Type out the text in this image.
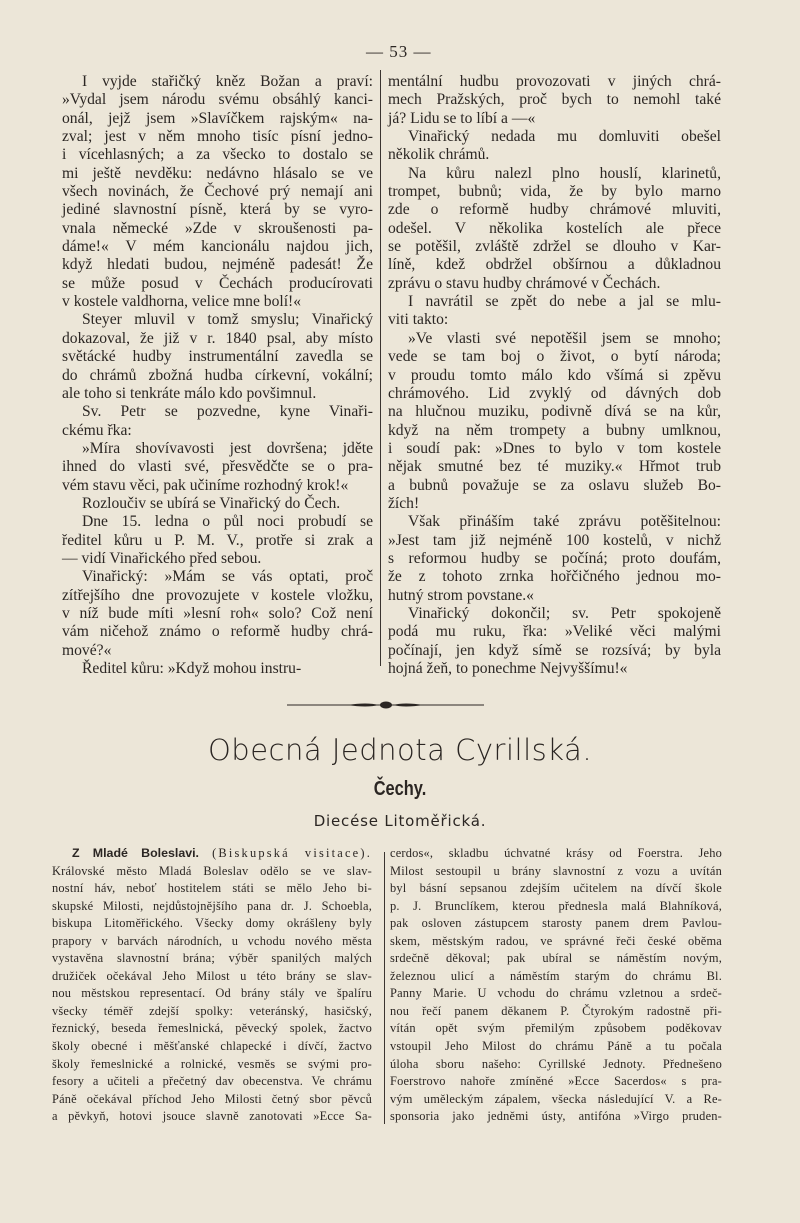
— 53 —
I vyjde stařičký kněz Božan a praví:
»Vydal jsem národu svému obsáhlý kanci-
onál, jejž jsem »Slavíčkem rajským« na-
zval; jest v něm mnoho tisíc písní jedno-
i vícehlasných; a za všecko to dostalo se
mi ještě nevděku: nedávno hlásalo se ve
všech novinách, že Čechové prý nemají ani
jediné slavnostní písně, která by se vyro-
vnala německé »Zde v skroušenosti pa-
dáme!« V mém kancionálu najdou jich,
když hledati budou, nejméně padesát! Že
se může posud v Čechách producírovati
v kostele valdhorna, velice mne bolí!«
Steyer mluvil v tomž smyslu; Vinařický
dokazoval, že již v r. 1840 psal, aby místo
světácké hudby instrumentální zavedla se
do chrámů zbožná hudba církevní, vokální;
ale toho si tenkráte málo kdo povšimnul.
Sv. Petr se pozvedne, kyne Vinaři-
ckému řka:
»Míra shovívavosti jest dovršena; jděte
ihned do vlasti své, přesvědčte se o pra-
vém stavu věci, pak učiníme rozhodný krok!«
Rozloučiv se ubírá se Vinařický do Čech.
Dne 15. ledna o půl noci probudí se
ředitel kůru u P. M. V., protře si zrak a
— vidí Vinařického před sebou.
Vinařický: »Mám se vás optati, proč
zítřejšího dne provozujete v kostele vložku,
v níž bude míti »lesní roh« solo? Což není
vám ničehož známo o reformě hudby chrá-
mové?«
Ředitel kůru: »Když mohou instru-
mentální hudbu provozovati v jiných chrá-
mech Pražských, proč bych to nemohl také
já? Lidu se to líbí a —«
Vinařický nedada mu domluviti obešel
několik chrámů.
Na kůru nalezl plno houslí, klarinetů,
trompet, bubnů; vida, že by bylo marno
zde o reformě hudby chrámové mluviti,
odešel. V několika kostelích ale přece
se potěšil, zvláště zdržel se dlouho v Kar-
líně, kdež obdržel obšírnou a důkladnou
zprávu o stavu hudby chrámové v Čechách.
I navrátil se zpět do nebe a jal se mlu-
viti takto:
»Ve vlasti své nepotěšil jsem se mnoho;
vede se tam boj o život, o bytí národa;
v proudu tomto málo kdo všímá si zpěvu
chrámového. Lid zvyklý od dávných dob
na hlučnou muziku, podivně dívá se na kůr,
když na něm trompety a bubny umlknou,
i soudí pak: »Dnes to bylo v tom kostele
nějak smutné bez té muziky.« Hřmot trub
a bubnů považuje se za oslavu služeb Bo-
žích!
Však přináším také zprávu potěšitelnou:
»Jest tam již nejméně 100 kostelů, v nichž
s reformou hudby se počíná; proto doufám,
že z tohoto zrnka hořčičného jednou mo-
hutný strom povstane.«
Vinařický dokončil; sv. Petr spokojeně
podá mu ruku, řka: »Veliké věci malými
počínají, jen když símě se rozsívá; by byla
hojná žeň, to ponechme Nejvyššímu!«
Obecná Jednota Cyrillská.
Čechy.
Diecése Litoměřická.
Z Mladé Boleslavi. (Biskupská visitace).
Královské město Mladá Boleslav odělo se ve slav-
nostní háv, neboť hostitelem státi se mělo Jeho bi-
skupské Milosti, nejdůstojnějšího pana dr. J. Schoebla,
biskupa Litoměřického. Všecky domy okrášleny byly
prapory v barvách národních, u vchodu nového města
vystavěna slavnostní brána; výběr spanilých malých
družiček očekával Jeho Milost u této brány se slav-
nou městskou representací. Od brány stály ve špalíru
všecky téměř zdejší spolky: veteránský, hasičský,
řeznický, beseda řemeslnická, pěvecký spolek, žactvo
školy obecné i měšťanské chlapecké i dívčí, žactvo
školy řemeslnické a rolnické, vesměs se svými pro-
fesory a učiteli a přečetný dav obecenstva. Ve chrámu
Páně očekával příchod Jeho Milosti četný sbor pěvců
a pěvkyň, hotovi jsouce slavně zanotovati »Ecce Sa-
cerdos«, skladbu úchvatné krásy od Foerstra. Jeho
Milost sestoupil u brány slavnostní z vozu a uvítán
byl básní sepsanou zdejším učitelem na dívčí škole
p. J. Brunclíkem, kterou přednesla malá Blahníková,
pak osloven zástupcem starosty panem drem Pavlou-
skem, městským radou, ve správné řeči české oběma
srdečně děkoval; pak ubíral se náměstím novým,
železnou ulicí a náměstím starým do chrámu Bl.
Panny Marie. U vchodu do chrámu vzletnou a srdeč-
nou řečí panem děkanem P. Čtyrokým radostně při-
vítán opět svým přemilým způsobem poděkovav
vstoupil Jeho Milost do chrámu Páně a tu počala
úloha sboru našeho: Cyrillské Jednoty. Přednešeno
Foerstrovo nahoře zmíněné »Ecce Sacerdos« s pra-
vým uměleckým zápalem, všecka následující V. a Re-
sponsoria jako jedněmi ústy, antifóna »Virgo pruden-
